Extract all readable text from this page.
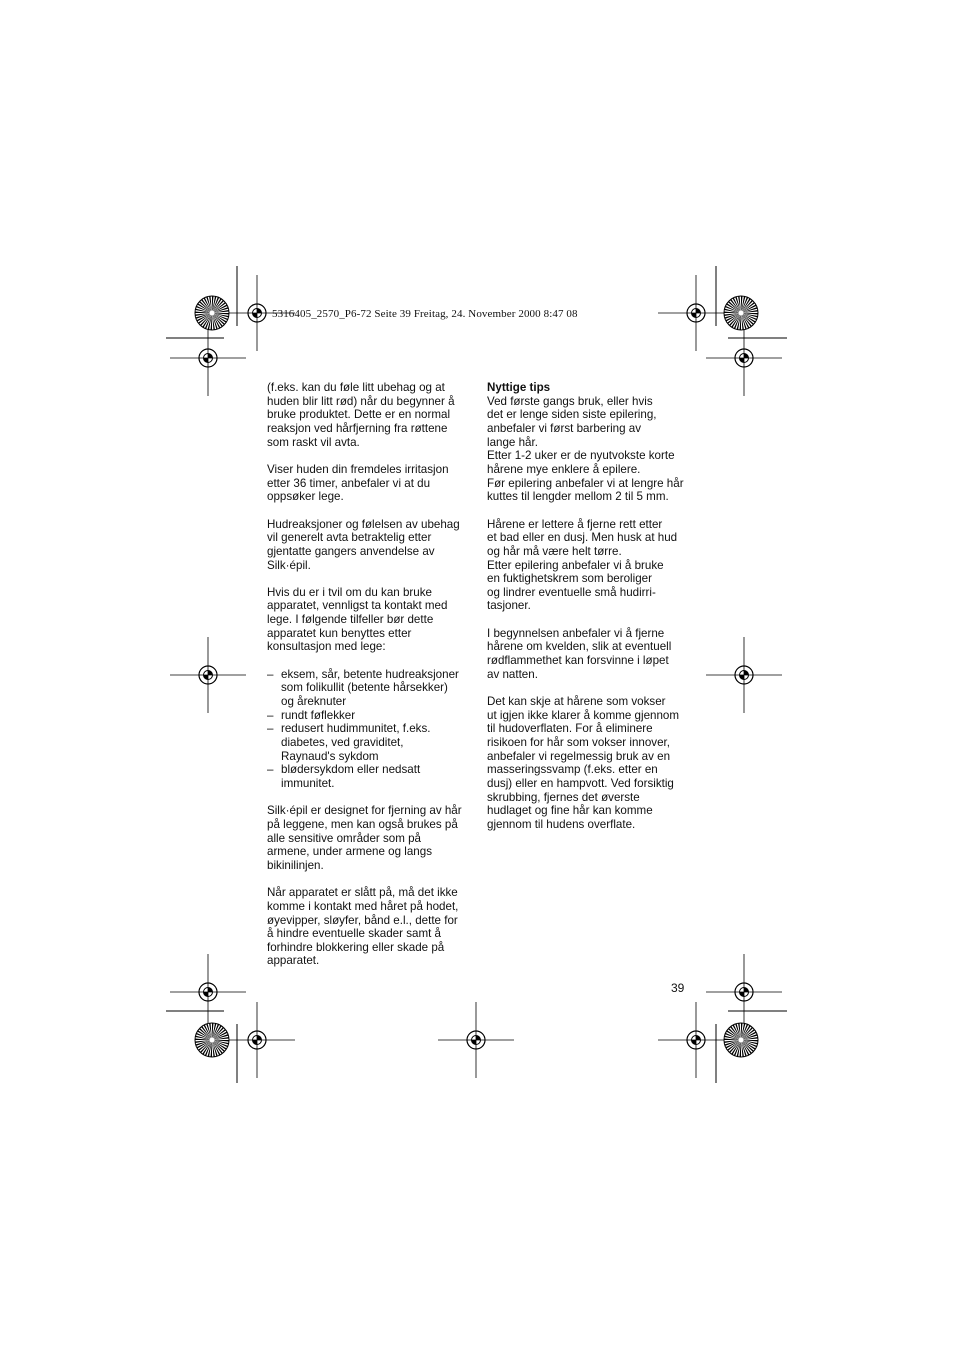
5316405_2570_P6-72 Seite 39 Freitag, 24. November 2000 8:47 08

(f.eks. kan du føle litt ubehag og at
huden blir litt rød) når du begynner å
bruke produktet. Dette er en normal
reaksjon ved hårfjerning fra røttene
som raskt vil avta.

Viser huden din fremdeles irritasjon
etter 36 timer, anbefaler vi at du
oppsøker lege.

Hudreaksjoner og følelsen av ubehag
vil generelt avta betraktelig etter
gjentatte gangers anvendelse av
Silk·épil.

Hvis du er i tvil om du kan bruke
apparatet, vennligst ta kontakt med
lege. I følgende tilfeller bør dette
apparatet kun benyttes etter
konsultasjon med lege:

– eksem, sår, betente hudreaksjoner
som folikullit (betente hårsekker)
og åreknuter
– rundt føflekker
– redusert hudimmunitet, f.eks.
diabetes, ved graviditet,
Raynaud's sykdom
– blødersykdom eller nedsatt
immunitet.

Silk·épil er designet for fjerning av hår
på leggene, men kan også brukes på
alle sensitive områder som på
armene, under armene og langs
bikinilinjen.

Når apparatet er slått på, må det ikke
komme i kontakt med håret på hodet,
øyevipper, sløyfer, bånd e.l., dette for
å hindre eventuelle skader samt å
forhindre blokkering eller skade på
apparatet.

Nyttige tips
Ved første gangs bruk, eller hvis
det er lenge siden siste epilering,
anbefaler vi først barbering av
lange hår.
Etter 1-2 uker er de nyutvokste korte
hårene mye enklere å epilere.
Før epilering anbefaler vi at lengre hår
kuttes til lengder mellom 2 til 5 mm.

Hårene er lettere å fjerne rett etter
et bad eller en dusj. Men husk at hud
og hår må være helt tørre.
Etter epilering anbefaler vi å bruke
en fuktighetskrem som beroliger
og lindrer eventuelle små hudirri-
tasjoner.

I begynnelsen anbefaler vi å fjerne
hårene om kvelden, slik at eventuell
rødflammethet kan forsvinne i løpet
av natten.

Det kan skje at hårene som vokser
ut igjen ikke klarer å komme gjennom
til hudoverflaten. For å eliminere
risikoen for hår som vokser innover,
anbefaler vi regelmessig bruk av en
masseringssvamp (f.eks. etter en
dusj) eller en hampvott. Ved forsiktig
skrubbing, fjernes det øverste
hudlaget og fine hår kan komme
gjennom til hudens overflate.

39
